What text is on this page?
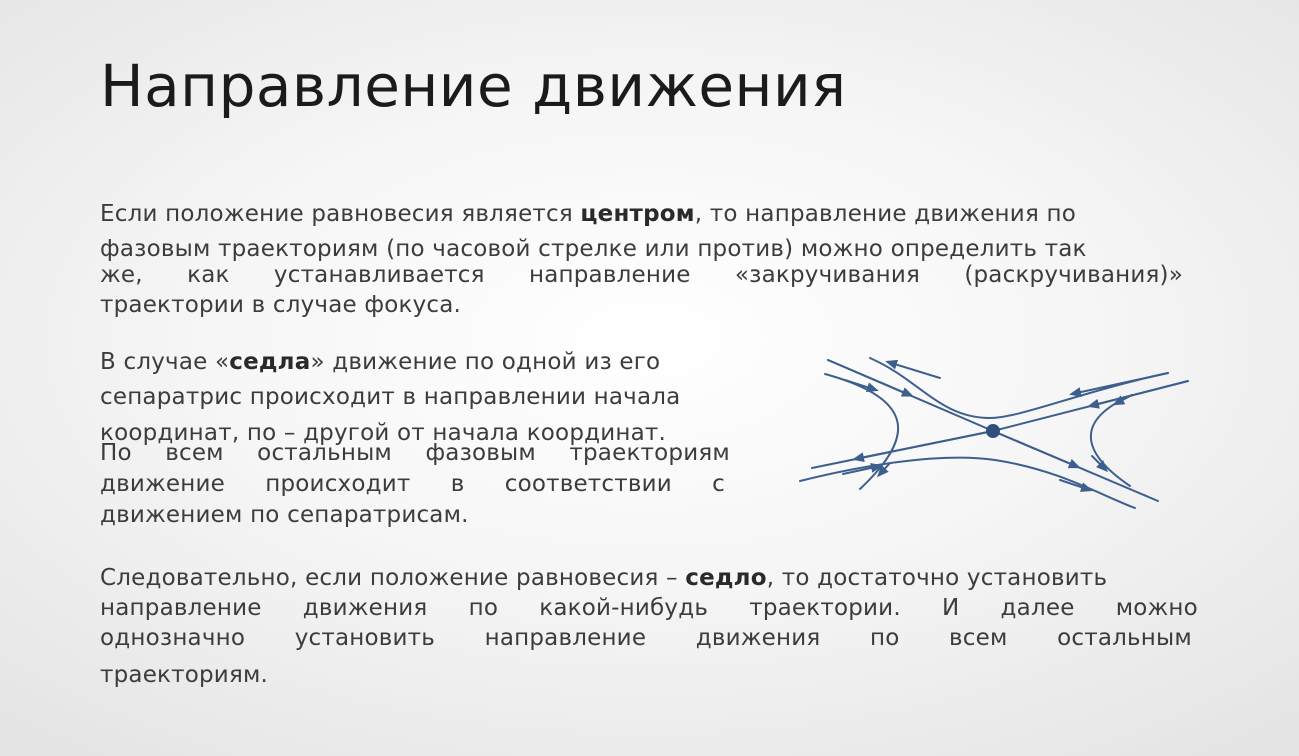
Направление движения
Если положение равновесия является центром, то направление движения по
фазовым траекториям (по часовой стрелке или против) можно определить так
же, как устанавливается направление «закручивания (раскручивания)»
траектории в случае фокуса.
В случае «седла» движение по одной из его
сепаратрис происходит в направлении начала
координат, по – другой от начала координат.
По всем остальным фазовым траекториям
движение происходит в соответствии с
движением по сепаратрисам.
Следовательно, если положение равновесия – седло, то достаточно установить
направление движения по какой-нибудь траектории. И далее можно
однозначно установить направление движения по всем остальным
траекториям.
